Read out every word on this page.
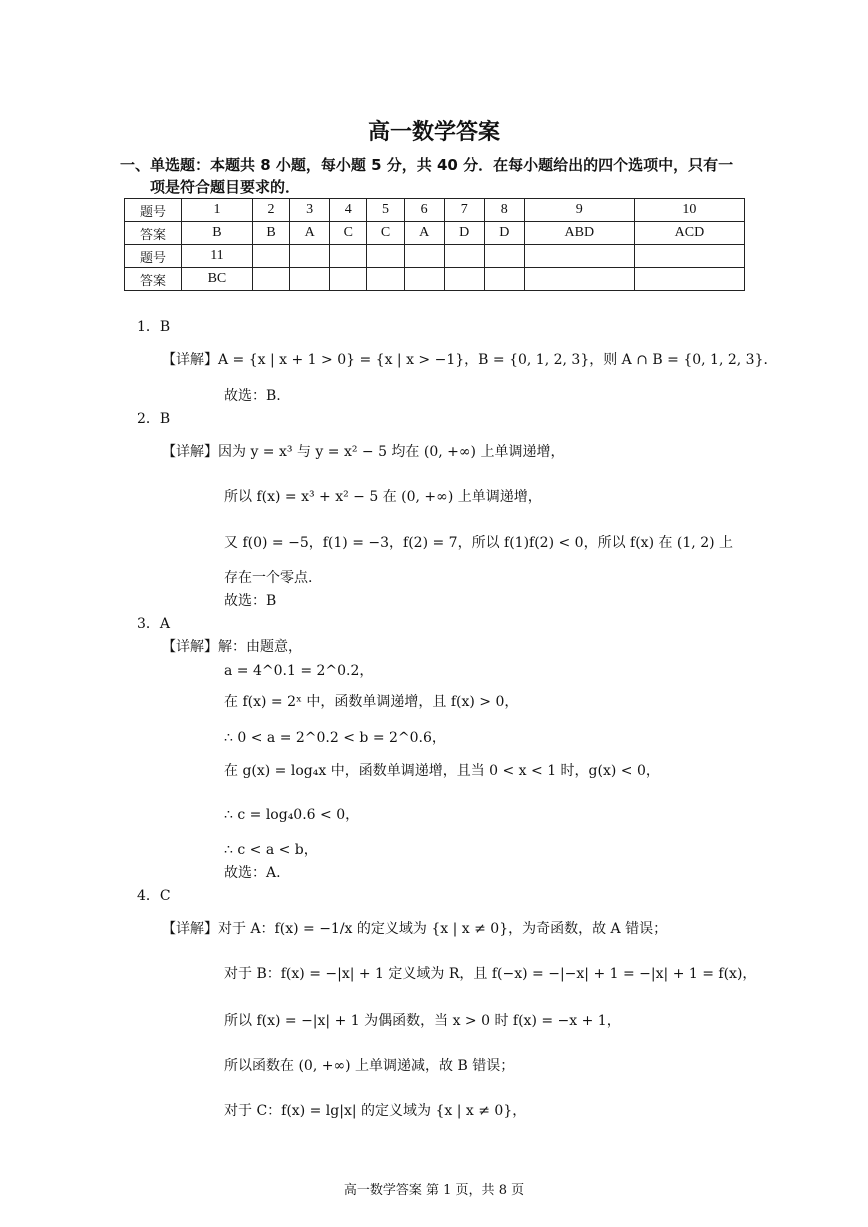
高一数学答案
一、单选题：本题共 8 小题，每小题 5 分，共 40 分．在每小题给出的四个选项中，只有一
项是符合题目要求的．
题号	1	2	3	4	5	6	7	8	9	10
答案	B	B	A	C	C	A	D	D	ABD	ACD
题号	11									
答案	BC									
1．B
【详解】A = {x | x + 1 > 0} = {x | x > −1}，B = {0, 1, 2, 3}，则 A ∩ B = {0, 1, 2, 3}．
故选：B.
2．B
【详解】因为 y = x³ 与 y = x² − 5 均在 (0, +∞) 上单调递增，
所以 f(x) = x³ + x² − 5 在 (0, +∞) 上单调递增，
又 f(0) = −5，f(1) = −3，f(2) = 7，所以 f(1)f(2) < 0，所以 f(x) 在 (1, 2) 上
存在一个零点.
故选：B
3．A
【详解】解：由题意，
a = 4^0.1 = 2^0.2，
在 f(x) = 2ˣ 中，函数单调递增，且 f(x) > 0，
∴ 0 < a = 2^0.2 < b = 2^0.6，
在 g(x) = log₄x 中，函数单调递增，且当 0 < x < 1 时，g(x) < 0，
∴ c = log₄0.6 < 0，
∴ c < a < b，
故选：A.
4．C
【详解】对于 A：f(x) = −1/x 的定义域为 {x | x ≠ 0}，为奇函数，故 A 错误；
对于 B：f(x) = −|x| + 1 定义域为 R，且 f(−x) = −|−x| + 1 = −|x| + 1 = f(x)，
所以 f(x) = −|x| + 1 为偶函数，当 x > 0 时 f(x) = −x + 1，
所以函数在 (0, +∞) 上单调递减，故 B 错误；
对于 C：f(x) = lg|x| 的定义域为 {x | x ≠ 0}，
高一数学答案 第 1 页，共 8 页
